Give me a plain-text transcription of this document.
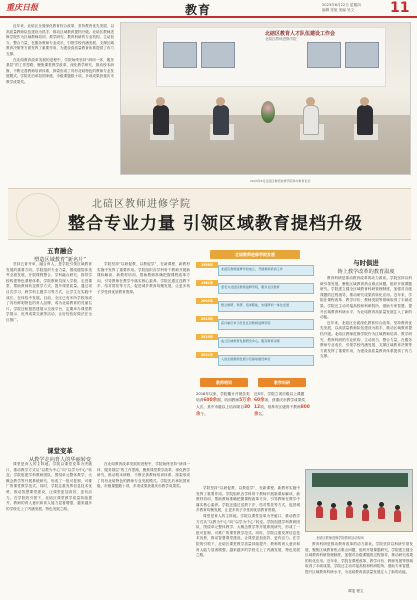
重庆日报	教育	2023年6月22日 星期四
编辑 张旭 美编 吴文	11

近年来，北碚区全面深化教育综合改革，坚持教育优先发展，以高质量教师队伍建设为抓手，推动区域教育提档升级。北碚区教师进修学院作为区域教师培训、教学研究、教育科研的专业机构，主动担当、整合力量，在服务教师专业成长、引领学校内涵发展、支撑区域教育决策等方面发挥了重要作用，为建设高质量教育体系提供了有力支撑。

在北碚教育改革发展的进程中，学院始终坚持“研训一体、服务基层”的工作思路，聚焦课堂教学改革，深化教学研究，推动校本研修，不断完善教师培训体系，探索形成了具有北碚特色的教师专业发展模式。学院先后承担国家级、市级课题数十项，多项成果获重庆市教学成果奖。

北碚区教育人才队伍建设工作会
北碚区教师进修学院
2023年6月北碚区教师进修学院举办教育论坛
北碚区教师进修学院
整合专业力量 引领区域教育提档升级
五育融合
塑造区域教育“新名片”

坚持五育并举、融合育人，是学院引领区域教育发展的重要方向。学院组织专业力量，围绕德智体美劳全面发展，开展课程整合、学科融合研究，指导学校构建特色课程体系。学院教研员深入学校、走进课堂，帮助教师转变教学方式，提升课堂质量。通过项目式学习、跨学科主题学习等方式，让学生在实践中成长，在体验中发展。目前，全区已有多所学校形成了具有鲜明特色的育人品牌，成为北碚教育的亮丽名片。学院还积极搭建展示交流平台，定期举办课堂教学展示、优秀成果交流等活动，让好经验好做法在全区推广。

学院坚持“以研促教、以教促学”，在新课程、新教材实施中发挥了重要作用。学院组织各学科骨干教师开展新课标解读、新教材培训，帮助教师准确把握课程改革方向，引导教师在教学中落实核心素养。学院还通过送教下乡、结对帮扶等方式，促进城乡教育均衡发展，让更多孩子享受到优质教育资源。

课堂变革
从教学走向育人的华丽转变

课堂是育人的主阵地。学院以课堂变革为突破口，推动教学方式从“以教为中心”向“以学为中心”转变。学院组建学科教研团队，围绕单元整体教学、大概念教学等开展系统研究，形成了一批可复制、可推广的课堂教学范式。同时，学院注重发挥信息技术优势，推动智慧课堂建设，让课堂更加高效、更有活力。在学院的引领下，北碚区课堂教学质量持续提升，教师的育人意识和育人能力显著增强，越来越多的学校走上了内涵发展、特色发展之路。

在北碚教育改革发展的进程中，学院始终坚持“研训一体、服务基层”的工作思路，聚焦课堂教学改革，深化教学研究，推动校本研修，不断完善教师培训体系，探索形成了具有北碚特色的教师专业发展模式。学院先后承担国家级、市级课题数十项，多项成果获重庆市教学成果奖。

北碚教师进修学院发展
1956年
北碚区教师进修学校成立，开展教师培训工作
1982年
更名为北碚区教师进修学院，服务全区教育
2003年
整合教研、科研、培训职能，实现研训一体化发展
2015年
获评重庆市示范性区县教师进修学院
2019年
成立区域教育发展研究中心，服务教育决策
2022年
入选全国教师发展示范基地建设单位
与时俱进
铸上教学改革的教育温度

教育科研是推动教育改革的动力源泉。学院坚持以科研引领发展，聚焦区域教育热点难点问题，组织开展课题研究。学院建立健全区域教育科研管理制度，加强对各级课题的过程指导，推动研究成果的转化应用。近年来，学院在课程改革、教学评价、教师发展等领域取得了丰硕成果。学院还主动对接高校和科研院所，借助专家智慧，提升区域教育科研水平，为北碚教育高质量发展注入了新的动能。

近年来，北碚区全面深化教育综合改革，坚持教育优先发展，以高质量教师队伍建设为抓手，推动区域教育提档升级。北碚区教师进修学院作为区域教师培训、教学研究、教育科研的专业机构，主动担当、整合力量，在服务教师专业成长、引领学校内涵发展、支撑区域教育决策等方面发挥了重要作用，为建设高质量教育体系提供了有力支撑。

教师培训
2018年以来，学院累计开展各类培训600余期，培训教师5万余人次，其中市级以上培训项目30余个。
教学科研
近5年，学院立项市级以上课题60余项，获重庆市教学成果奖12项，培养市区级骨干教师800余名。

学院坚持“以研促教、以教促学”，在新课程、新教材实施中发挥了重要作用。学院组织各学科骨干教师开展新课标解读、新教材培训，帮助教师准确把握课程改革方向，引导教师在教学中落实核心素养。学院还通过送教下乡、结对帮扶等方式，促进城乡教育均衡发展，让更多孩子享受到优质教育资源。

课堂是育人的主阵地。学院以课堂变革为突破口，推动教学方式从“以教为中心”向“以学为中心”转变。学院组建学科教研团队，围绕单元整体教学、大概念教学等开展系统研究，形成了一批可复制、可推广的课堂教学范式。同时，学院注重发挥信息技术优势，推动智慧课堂建设，让课堂更加高效、更有活力。在学院的引领下，北碚区课堂教学质量持续提升，教师的育人意识和育人能力显著增强，越来越多的学校走上了内涵发展、特色发展之路。

北碚区教师进修学院教研活动现场

教育科研是推动教育改革的动力源泉。学院坚持以科研引领发展，聚焦区域教育热点难点问题，组织开展课题研究。学院建立健全区域教育科研管理制度，加强对各级课题的过程指导，推动研究成果的转化应用。近年来，学院在课程改革、教学评价、教师发展等领域取得了丰硕成果。学院还主动对接高校和科研院所，借助专家智慧，提升区域教育科研水平，为北碚教育高质量发展注入了新的动能。

谭雯 程文
